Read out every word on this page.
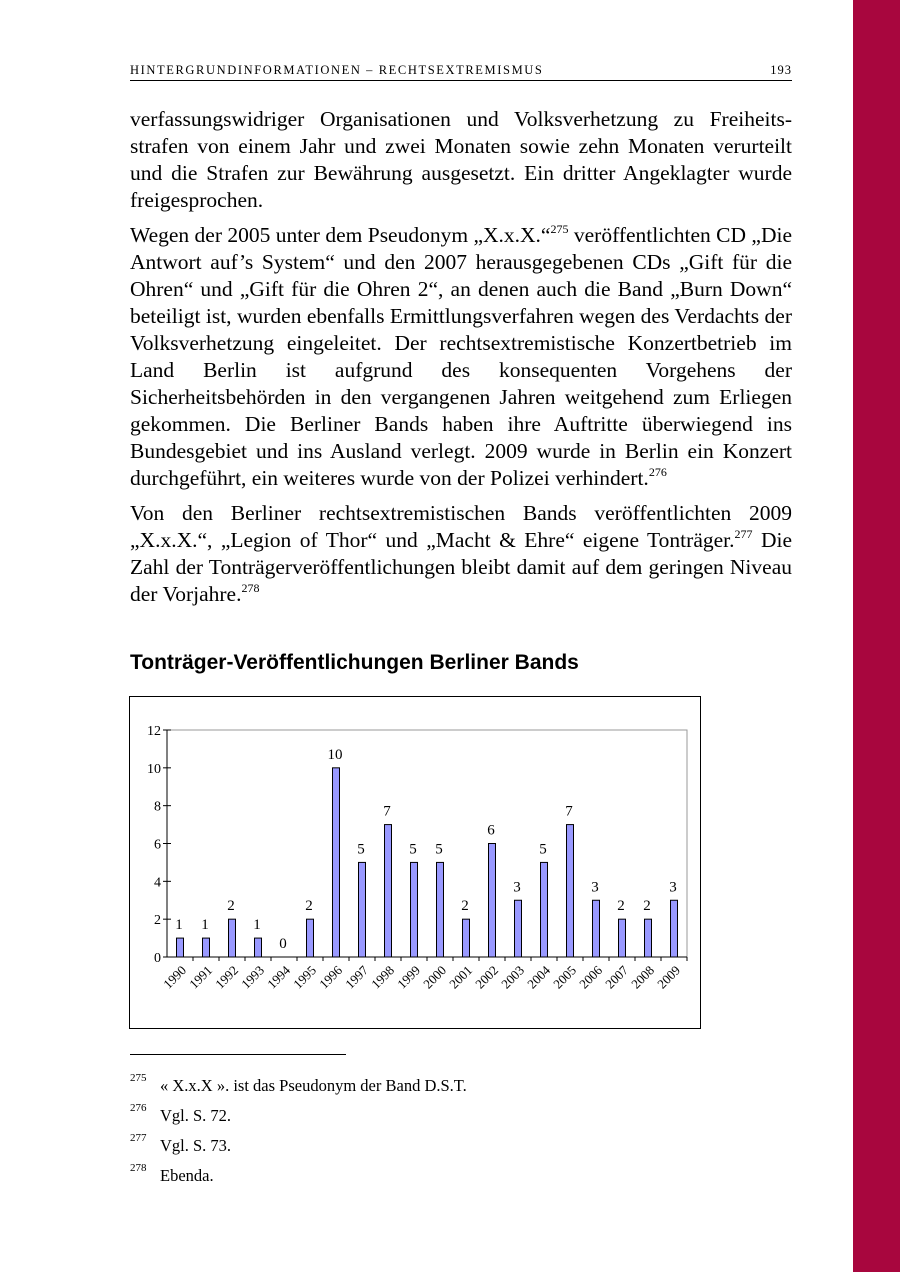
HINTERGRUNDINFORMATIONEN – RECHTSEXTREMISMUS	193

verfassungswidriger Organisationen und Volksverhetzung zu Freiheitsstrafen von einem Jahr und zwei Monaten sowie zehn Monaten verurteilt und die Strafen zur Bewährung ausgesetzt. Ein dritter Angeklagter wurde freigesprochen.

Wegen der 2005 unter dem Pseudonym „X.x.X.“$^{275}$ veröffentlichten CD „Die Antwort auf’s System“ und den 2007 herausgegebenen CDs „Gift für die Ohren“ und „Gift für die Ohren 2“, an denen auch die Band „Burn Down“ beteiligt ist, wurden ebenfalls Ermittlungsverfahren wegen des Verdachts der Volksverhetzung eingeleitet. Der rechtsextremistische Konzertbetrieb im Land Berlin ist aufgrund des konsequenten Vorgehens der Sicherheitsbehörden in den vergangenen Jahren weitgehend zum Erliegen gekommen. Die Berliner Bands haben ihre Auftritte überwiegend ins Bundesgebiet und ins Ausland verlegt. 2009 wurde in Berlin ein Konzert durchgeführt, ein weiteres wurde von der Polizei verhindert.$^{276}$

Von den Berliner rechtsextremistischen Bands veröffentlichten 2009 „X.x.X.“, „Legion of Thor“ und „Macht & Ehre“ eigene Tonträger.$^{277}$ Die Zahl der Tonträgerveröffentlichungen bleibt damit auf dem geringen Niveau der Vorjahre.$^{278}$

Tonträger-Veröffentlichungen Berliner Bands
0
2
4
6
8
10
12
1
1990
1
1991
2
1992
1
1993
0
1994
2
1995
10
1996
5
1997
7
1998
5
1999
5
2000
2
2001
6
2002
3
2003
5
2004
7
2005
3
2006
2
2007
2
2008
3
2009
275 « X.x.X ». ist das Pseudonym der Band D.S.T.
276 Vgl. S. 72.
277 Vgl. S. 73.
278 Ebenda.
